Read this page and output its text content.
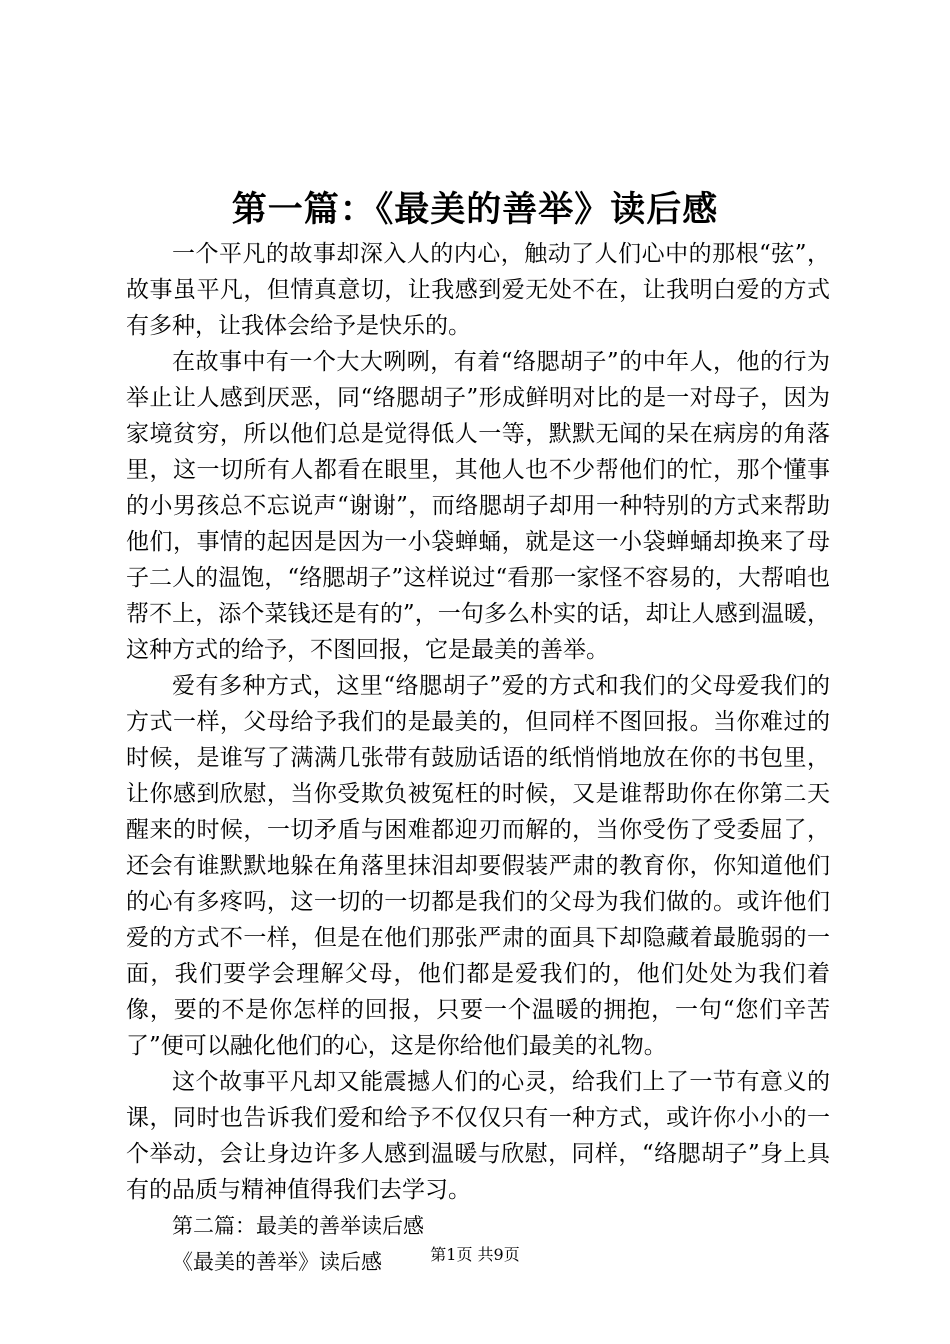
第一篇：《最美的善举》读后感

一个平凡的故事却深入人的内心，触动了人们心中的那根“弦”，故事虽平凡，但情真意切，让我感到爱无处不在，让我明白爱的方式有多种，让我体会给予是快乐的。

在故事中有一个大大咧咧，有着“络腮胡子”的中年人，他的行为举止让人感到厌恶，同“络腮胡子”形成鲜明对比的是一对母子，因为家境贫穷，所以他们总是觉得低人一等，默默无闻的呆在病房的角落里，这一切所有人都看在眼里，其他人也不少帮他们的忙，那个懂事的小男孩总不忘说声“谢谢”，而络腮胡子却用一种特别的方式来帮助他们，事情的起因是因为一小袋蝉蛹，就是这一小袋蝉蛹却换来了母子二人的温饱，“络腮胡子”这样说过“看那一家怪不容易的，大帮咱也帮不上，添个菜钱还是有的”，一句多么朴实的话，却让人感到温暖，这种方式的给予，不图回报，它是最美的善举。

爱有多种方式，这里“络腮胡子”爱的方式和我们的父母爱我们的方式一样，父母给予我们的是最美的，但同样不图回报。当你难过的时候，是谁写了满满几张带有鼓励话语的纸悄悄地放在你的书包里，让你感到欣慰，当你受欺负被冤枉的时候，又是谁帮助你在你第二天醒来的时候，一切矛盾与困难都迎刃而解的，当你受伤了受委屈了，还会有谁默默地躲在角落里抹泪却要假装严肃的教育你，你知道他们的心有多疼吗，这一切的一切都是我们的父母为我们做的。或许他们爱的方式不一样，但是在他们那张严肃的面具下却隐藏着最脆弱的一面，我们要学会理解父母，他们都是爱我们的，他们处处为我们着像，要的不是你怎样的回报，只要一个温暖的拥抱，一句“您们辛苦了”便可以融化他们的心，这是你给他们最美的礼物。

这个故事平凡却又能震撼人们的心灵，给我们上了一节有意义的课，同时也告诉我们爱和给予不仅仅只有一种方式，或许你小小的一个举动，会让身边许多人感到温暖与欣慰，同样，“络腮胡子”身上具有的品质与精神值得我们去学习。

第二篇：最美的善举读后感

《最美的善举》读后感	第1页 共9页
